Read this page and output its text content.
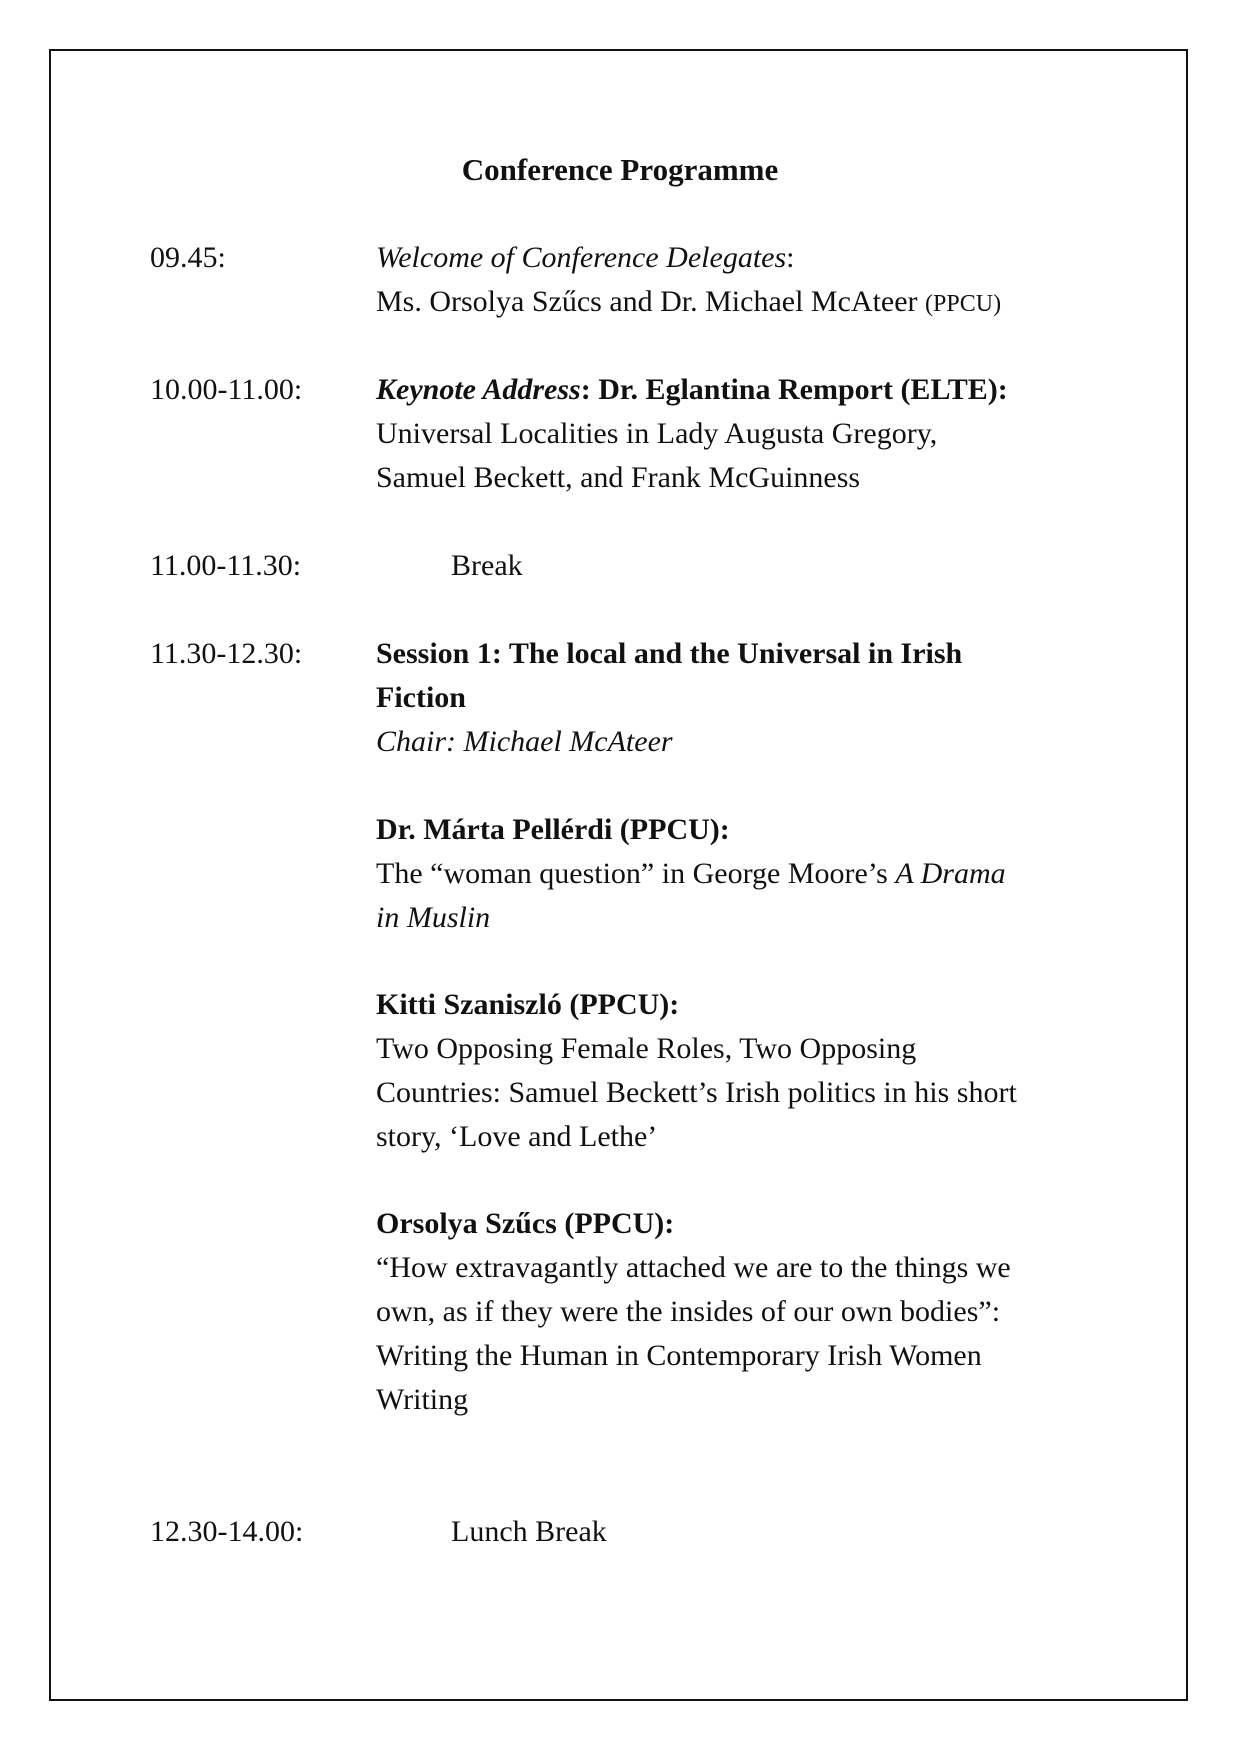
Conference Programme
09.45:	Welcome of Conference Delegates:
Ms. Orsolya Szűcs and Dr. Michael McAteer (PPCU)
10.00-11.00: Keynote Address: Dr. Eglantina Remport (ELTE):
Universal Localities in Lady Augusta Gregory,
Samuel Beckett, and Frank McGuinness
11.00-11.30:	Break
11.30-12.30: Session 1: The local and the Universal in Irish
Fiction
Chair: Michael McAteer
Dr. Márta Pellérdi (PPCU):
The “woman question” in George Moore’s A Drama
in Muslin
Kitti Szaniszló (PPCU):
Two Opposing Female Roles, Two Opposing
Countries: Samuel Beckett’s Irish politics in his short
story, ‘Love and Lethe’
Orsolya Szűcs (PPCU):
“How extravagantly attached we are to the things we
own, as if they were the insides of our own bodies”:
Writing the Human in Contemporary Irish Women
Writing
12.30-14.00:	Lunch Break
